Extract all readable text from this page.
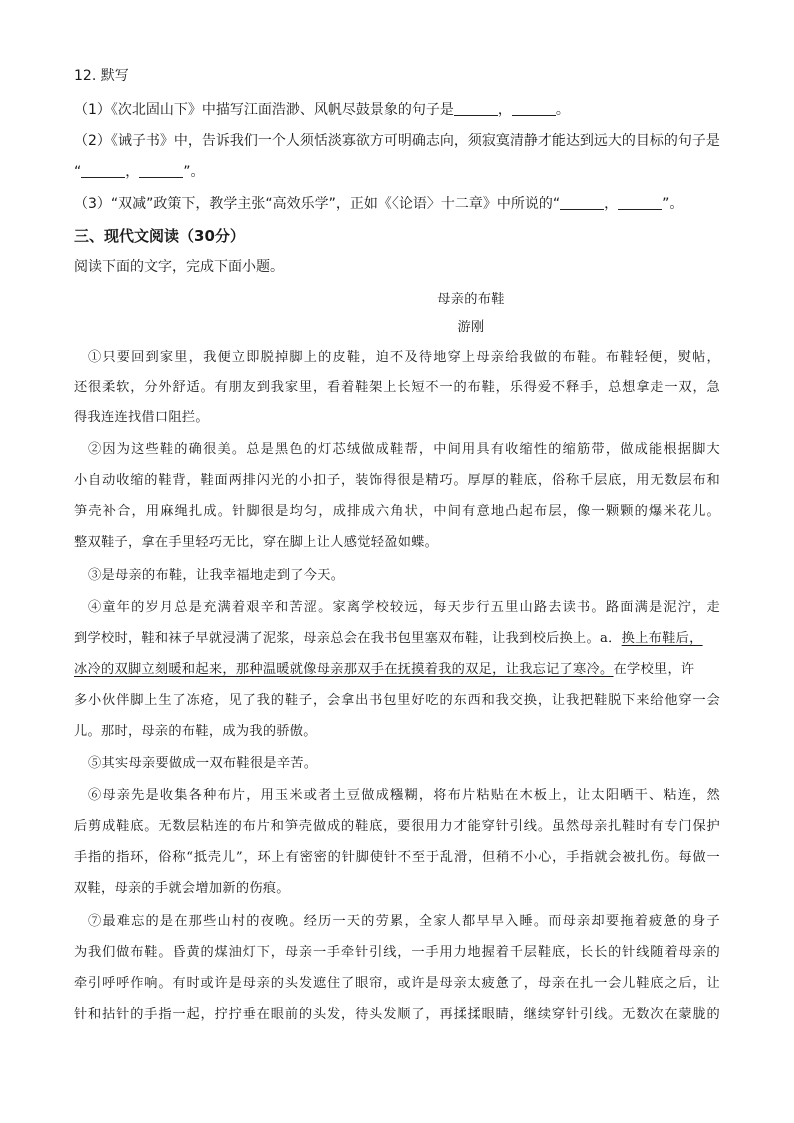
12. 默写
（1）《次北固山下》中描写江面浩渺、风帆尽鼓景象的句子是	，	。
（2）《诫子书》中，告诉我们一个人须恬淡寡欲方可明确志向，须寂寞清静才能达到远大的目标的句子是
“	，	”。
（3）“双减”政策下，教学主张“高效乐学”，正如《〈论语〉十二章》中所说的“	，	”。
三、现代文阅读（30分）
阅读下面的文字，完成下面小题。
母亲的布鞋
游刚
①只要回到家里，我便立即脱掉脚上的皮鞋，迫不及待地穿上母亲给我做的布鞋。布鞋轻便，熨帖，
还很柔软，分外舒适。有朋友到我家里，看着鞋架上长短不一的布鞋，乐得爱不释手，总想拿走一双，急
得我连连找借口阻拦。
②因为这些鞋的确很美。总是黑色的灯芯绒做成鞋帮，中间用具有收缩性的缩筋带，做成能根据脚大
小自动收缩的鞋背，鞋面两排闪光的小扣子，装饰得很是精巧。厚厚的鞋底，俗称千层底，用无数层布和
笋壳补合，用麻绳扎成。针脚很是均匀，成排成六角状，中间有意地凸起布层，像一颗颗的爆米花儿。
整双鞋子，拿在手里轻巧无比，穿在脚上让人感觉轻盈如蝶。
③是母亲的布鞋，让我幸福地走到了今天。
④童年的岁月总是充满着艰辛和苦涩。家离学校较远，每天步行五里山路去读书。路面满是泥泞，走
到学校时，鞋和袜子早就浸满了泥浆，母亲总会在我书包里塞双布鞋，让我到校后换上。a．换上布鞋后，
冰冷的双脚立刻暖和起来，那种温暖就像母亲那双手在抚摸着我的双足，让我忘记了寒冷。在学校里，许
多小伙伴脚上生了冻疮，见了我的鞋子，会拿出书包里好吃的东西和我交换，让我把鞋脱下来给他穿一会
儿。那时，母亲的布鞋，成为我的骄傲。
⑤其实母亲要做成一双布鞋很是辛苦。
⑥母亲先是收集各种布片，用玉米或者土豆做成糨糊，将布片粘贴在木板上，让太阳晒干、粘连，然
后剪成鞋底。无数层粘连的布片和笋壳做成的鞋底，要很用力才能穿针引线。虽然母亲扎鞋时有专门保护
手指的指环，俗称“抵壳儿”，环上有密密的针脚使针不至于乱滑，但稍不小心，手指就会被扎伤。每做一
双鞋，母亲的手就会增加新的伤痕。
⑦最难忘的是在那些山村的夜晚。经历一天的劳累，全家人都早早入睡。而母亲却要拖着疲惫的身子
为我们做布鞋。昏黄的煤油灯下，母亲一手牵针引线，一手用力地握着千层鞋底，长长的针线随着母亲的
牵引呼呼作响。有时或许是母亲的头发遮住了眼帘，或许是母亲太疲惫了，母亲在扎一会儿鞋底之后，让
针和拈针的手指一起，拧拧垂在眼前的头发，待头发顺了，再揉揉眼睛，继续穿针引线。无数次在蒙胧的
